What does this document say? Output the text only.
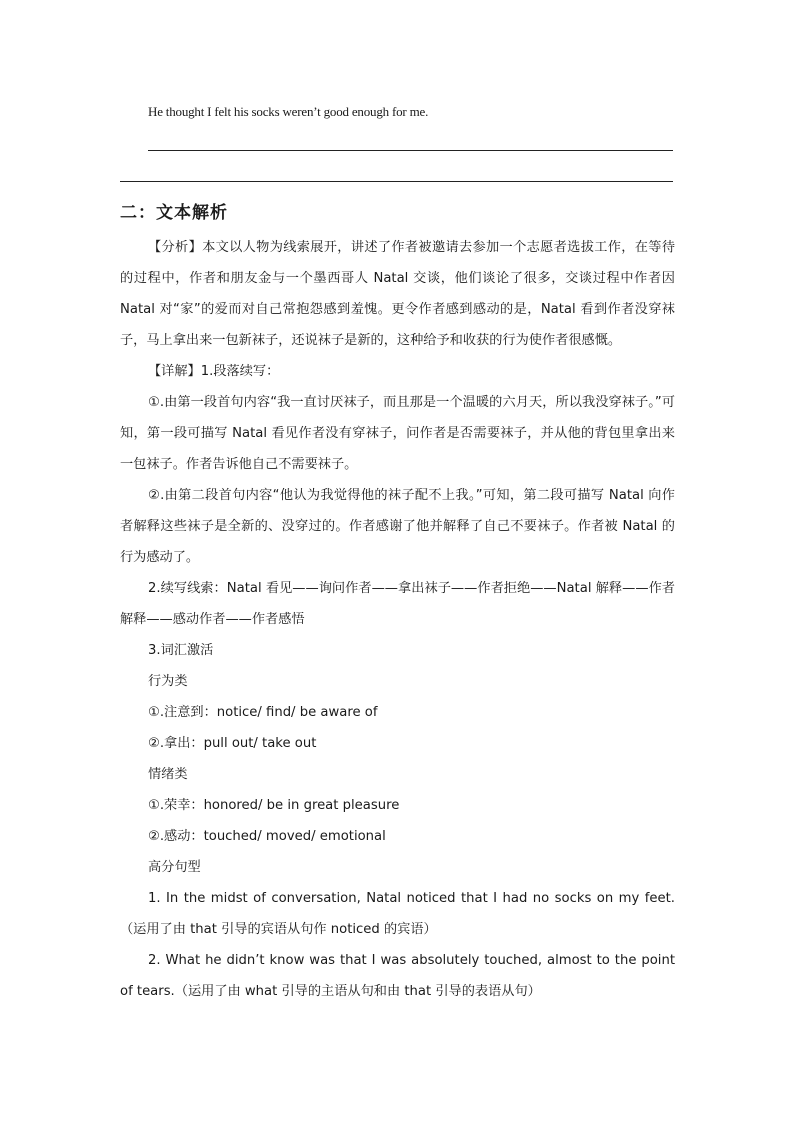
He thought I felt his socks weren’t good enough for me.
二：文本解析

【分析】本文以人物为线索展开，讲述了作者被邀请去参加一个志愿者选拔工作，在等待的过程中，作者和朋友金与一个墨西哥人 Natal 交谈，他们谈论了很多，交谈过程中作者因 Natal 对“家”的爱而对自己常抱怨感到羞愧。更令作者感到感动的是，Natal 看到作者没穿袜子，马上拿出来一包新袜子，还说袜子是新的，这种给予和收获的行为使作者很感慨。

【详解】1.段落续写：

①.由第一段首句内容“我一直讨厌袜子，而且那是一个温暖的六月天，所以我没穿袜子。”可知，第一段可描写 Natal 看见作者没有穿袜子，问作者是否需要袜子，并从他的背包里拿出来一包袜子。作者告诉他自己不需要袜子。

②.由第二段首句内容“他认为我觉得他的袜子配不上我。”可知，第二段可描写 Natal 向作者解释这些袜子是全新的、没穿过的。作者感谢了他并解释了自己不要袜子。作者被 Natal 的行为感动了。

2.续写线索：Natal 看见——询问作者——拿出袜子——作者拒绝——Natal 解释——作者解释——感动作者——作者感悟

3.词汇激活

行为类

①.注意到：notice/ find/ be aware of

②.拿出：pull out/ take out

情绪类

①.荣幸：honored/ be in great pleasure

②.感动：touched/ moved/ emotional

高分句型

1. In the midst of conversation, Natal noticed that I had no socks on my feet.（运用了由 that 引导的宾语从句作 noticed 的宾语）

2. What he didn’t know was that I was absolutely touched, almost to the point of tears.（运用了由 what 引导的主语从句和由 that 引导的表语从句）
